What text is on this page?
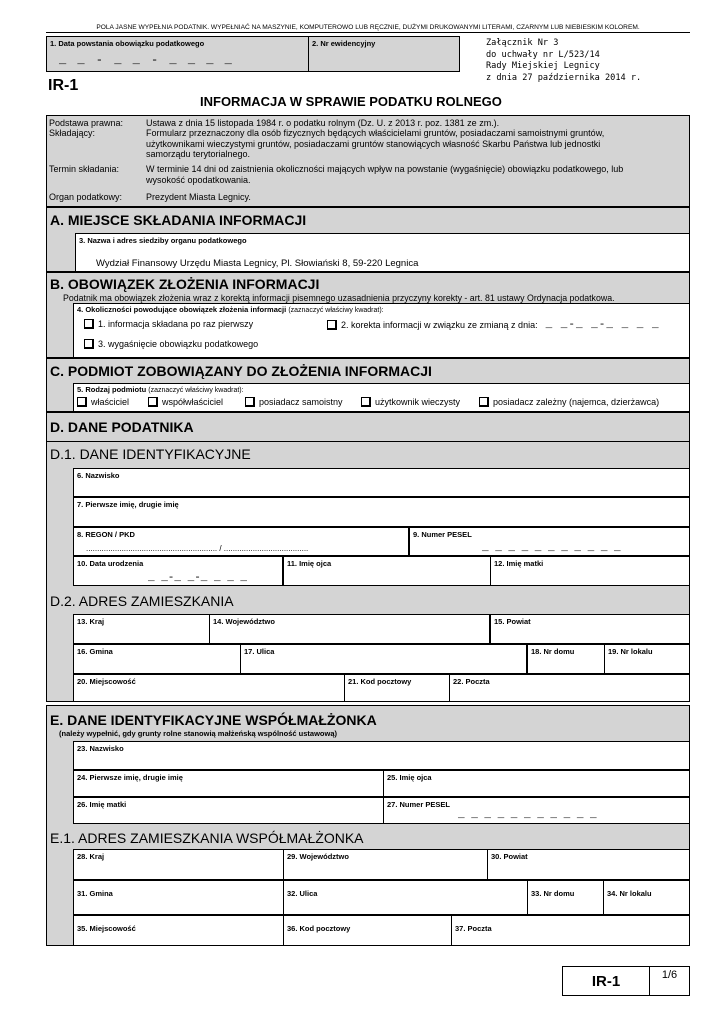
POLA JASNE WYPEŁNIA PODATNIK. WYPEŁNIAĆ NA MASZYNIE, KOMPUTEROWO LUB RĘCZNIE, DUŻYMI DRUKOWANYMI LITERAMI, CZARNYM LUB NIEBIESKIM KOLOREM.
1. Data powstania obowiązku podatkowego
_ _ - _ _ - _ _ _ _
2. Nr ewidencyjny	Załącznik Nr 3
do uchwały nr L/523/14
Rady Miejskiej Legnicy
z dnia 27 października 2014 r.
IR-1
INFORMACJA W SPRAWIE PODATKU ROLNEGO
Podstawa prawna:	Ustawa z dnia 15 listopada 1984 r. o podatku rolnym (Dz. U. z 2013 r. poz. 1381 ze zm.).
Składający:	Formularz przeznaczony dla osób fizycznych będących właścicielami gruntów, posiadaczami samoistnymi gruntów,
użytkownikami wieczystymi gruntów, posiadaczami gruntów stanowiących własność Skarbu Państwa lub jednostki
samorządu terytorialnego.
Termin składania:	W terminie 14 dni od zaistnienia okoliczności mających wpływ na powstanie (wygaśnięcie) obowiązku podatkowego, lub
wysokość opodatkowania.
Organ podatkowy:	Prezydent Miasta Legnicy.
A. MIEJSCE SKŁADANIA INFORMACJI
3. Nazwa i adres siedziby organu podatkowego
Wydział Finansowy Urzędu Miasta Legnicy, Pl. Słowiański 8, 59-220 Legnica
B. OBOWIĄZEK ZŁOŻENIA INFORMACJI
Podatnik ma obowiązek złożenia wraz z korektą informacji pisemnego uzasadnienia przyczyny korekty - art. 81 ustawy Ordynacja podatkowa.
4. Okoliczności powodujące obowiązek złożenia informacji (zaznaczyć właściwy kwadrat):
1. informacja składana po raz pierwszy	2. korekta informacji w związku ze zmianą z dnia: _ _-_ _-_ _ _ _
3. wygaśnięcie obowiązku podatkowego
C. PODMIOT ZOBOWIĄZANY DO ZŁOŻENIA INFORMACJI
5. Rodzaj podmiotu (zaznaczyć właściwy kwadrat):
właściciel	współwłaściciel	posiadacz samoistny	użytkownik wieczysty	posiadacz zależny (najemca, dzierżawca)
D. DANE PODATNIKA
D.1. DANE IDENTYFIKACYJNE
6. Nazwisko
7. Pierwsze imię, drugie imię
8. REGON / PKD
........................................................... / ......................................
9. Numer PESEL
_ _ _ _ _ _ _ _ _ _ _
10. Data urodzenia
_ _-_ _-_ _ _ _
11. Imię ojca	12. Imię matki
D.2. ADRES ZAMIESZKANIA
13. Kraj	14. Województwo	15. Powiat
16. Gmina	17. Ulica	18. Nr domu	19. Nr lokalu
20. Miejscowość	21. Kod pocztowy	22. Poczta
E. DANE IDENTYFIKACYJNE WSPÓŁMAŁŻONKA
(należy wypełnić, gdy grunty rolne stanowią małżeńską wspólność ustawową)
23. Nazwisko
24. Pierwsze imię, drugie imię	25. Imię ojca
26. Imię matki	27. Numer PESEL
_ _ _ _ _ _ _ _ _ _ _
E.1. ADRES ZAMIESZKANIA WSPÓŁMAŁŻONKA
28. Kraj	29. Województwo	30. Powiat
31. Gmina	32. Ulica	33. Nr domu	34. Nr lokalu
35. Miejscowość	36. Kod pocztowy	37. Poczta
IR-1	1/6
